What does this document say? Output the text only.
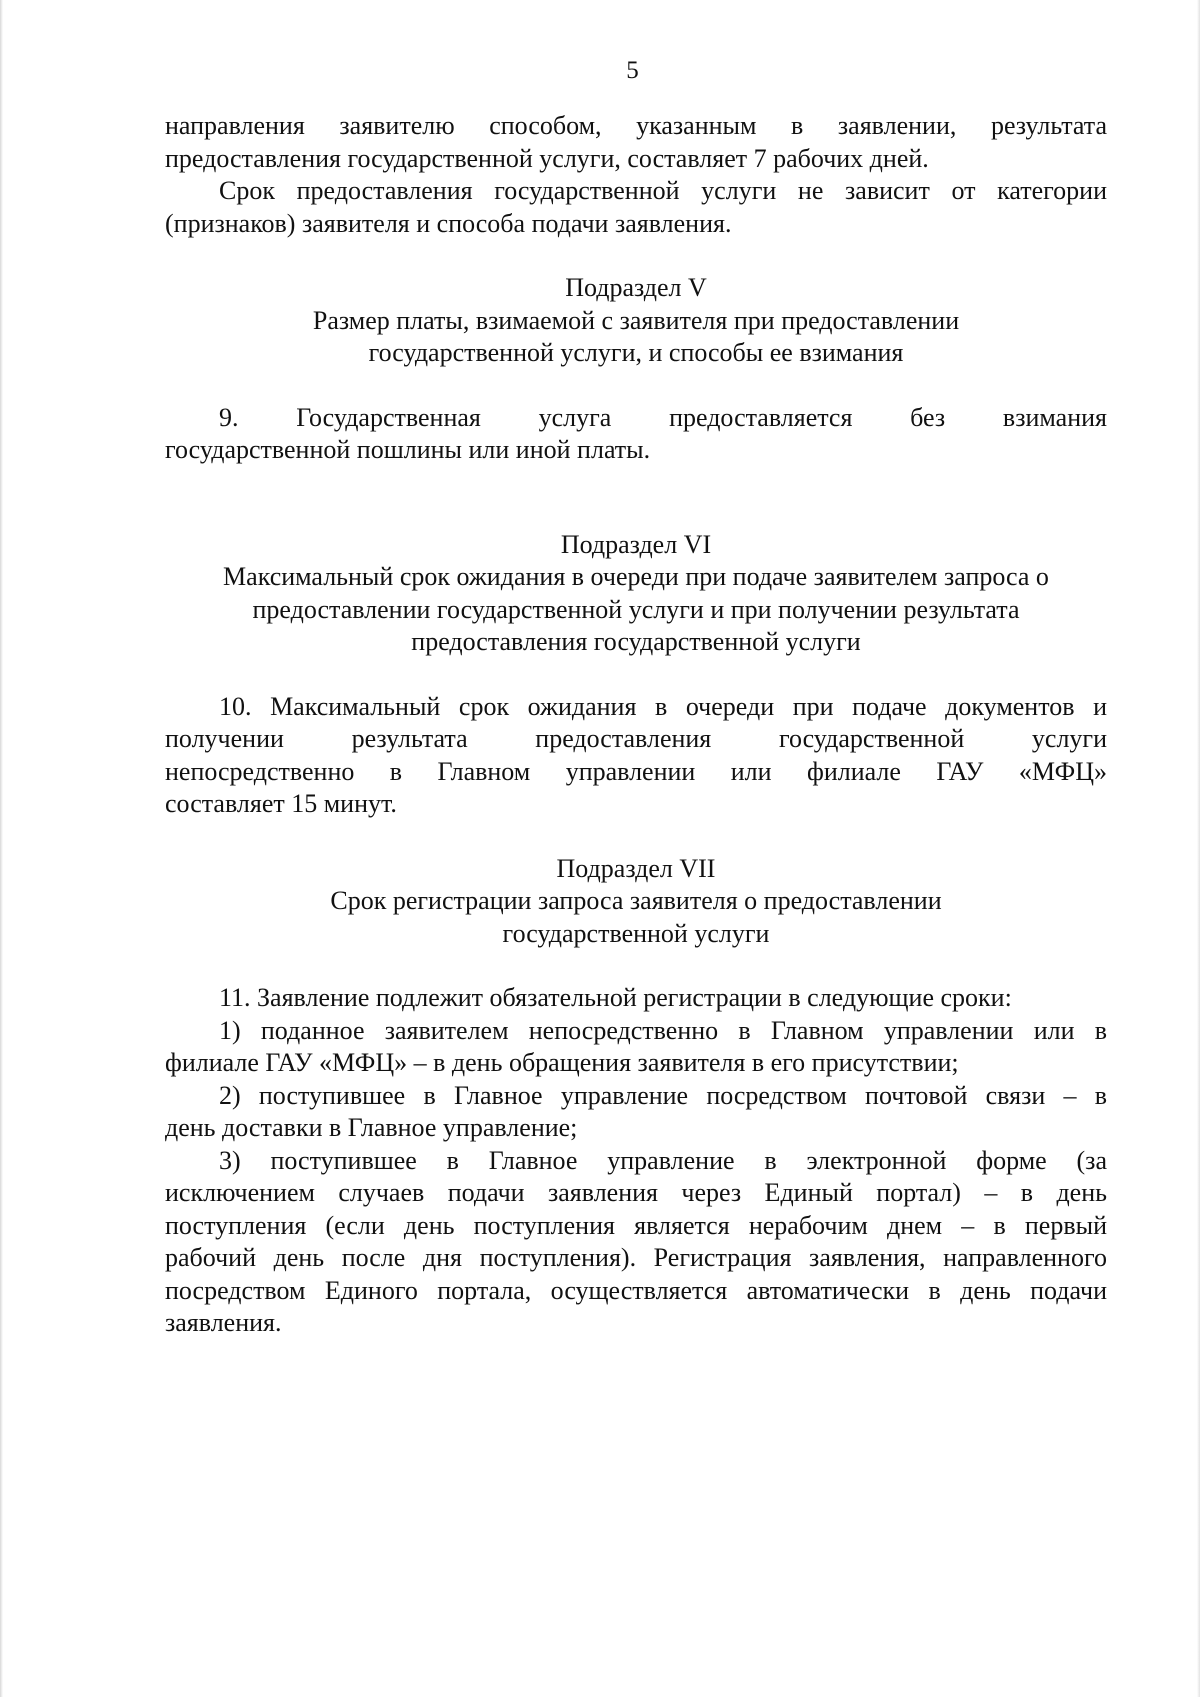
5
направления заявителю способом, указанным в заявлении, результата
предоставления государственной услуги, составляет 7 рабочих дней.
Срок предоставления государственной услуги не зависит от категории
(признаков) заявителя и способа подачи заявления.
Подраздел V
Размер платы, взимаемой с заявителя при предоставлении
государственной услуги, и способы ее взимания
9. Государственная услуга предоставляется без взимания
государственной пошлины или иной платы.
Подраздел VI
Максимальный срок ожидания в очереди при подаче заявителем запроса о
предоставлении государственной услуги и при получении результата
предоставления государственной услуги
10. Максимальный срок ожидания в очереди при подаче документов и
получении результата предоставления государственной услуги
непосредственно в Главном управлении или филиале ГАУ «МФЦ»
составляет 15 минут.
Подраздел VII
Срок регистрации запроса заявителя о предоставлении
государственной услуги
11. Заявление подлежит обязательной регистрации в следующие сроки:
1) поданное заявителем непосредственно в Главном управлении или в
филиале ГАУ «МФЦ» – в день обращения заявителя в его присутствии;
2) поступившее в Главное управление посредством почтовой связи – в
день доставки в Главное управление;
3) поступившее в Главное управление в электронной форме (за
исключением случаев подачи заявления через Единый портал) – в день
поступления (если день поступления является нерабочим днем – в первый
рабочий день после дня поступления). Регистрация заявления, направленного
посредством Единого портала, осуществляется автоматически в день подачи
заявления.
